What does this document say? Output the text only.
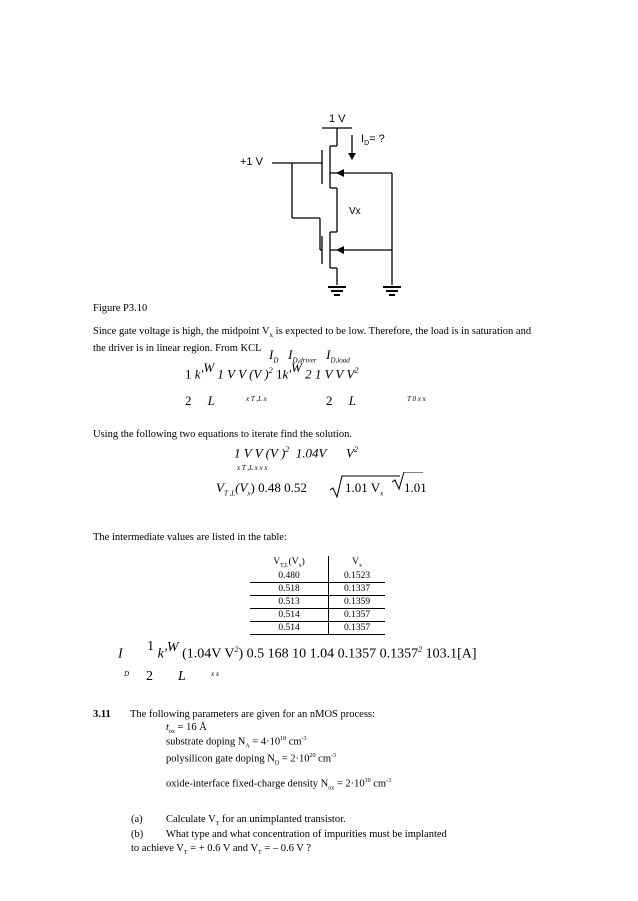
1 V
$I_D=$ ?
+1 V
Vx
Figure P3.10
Since gate voltage is high, the midpoint $V_x$ is expected to be low. Therefore, the load is in saturation and the driver is in linear region. From KCL $I_D$ $I_{D,driver}$ $I_{D,load}$
1 k'W 1 V V (V )$^2$ 1k'W 2 1 V V $V^2$
2 L	$^{x T ,L x}$	2 L	$^{T 0 x x}$
Using the following two equations to iterate find the solution.
1 V V (V )$^2$ 1.04V $V^2$
x T ,L x x x
$V_{T ,L}(V_x)$ 0.48 0.52	1.01 $V_x$ 1.01
The intermediate values are listed in the table:
$V_{T,L}(V_x)$	$V_x$
0.480	0.1523
0.518	0.1337
0.513	0.1359
0.514	0.1357
0.514	0.1357
I       1 k'W (1.04V $V^2$) 0.5 168 10 1.04 0.1357 0.1357$^2$ 103.1[A]
D 2 L	x x
3.11 The following parameters are given for an nMOS process:
$t_{ox} = 16$ Å
substrate doping $N_A = 4\cdot 10^{18}$ $cm^{-3}$
polysilicon gate doping $N_D = 2\cdot 10^{20}$ $cm^{-3}$
oxide-interface fixed-charge density $N_{ox} = 2\cdot 10^{10}$ $cm^{-3}$
(a) Calculate $V_T$ for an unimplanted transistor.
(b) What type and what concentration of impurities must be implanted
to achieve $V_T$ = + 0.6 V and $V_T$ = – 0.6 V ?
